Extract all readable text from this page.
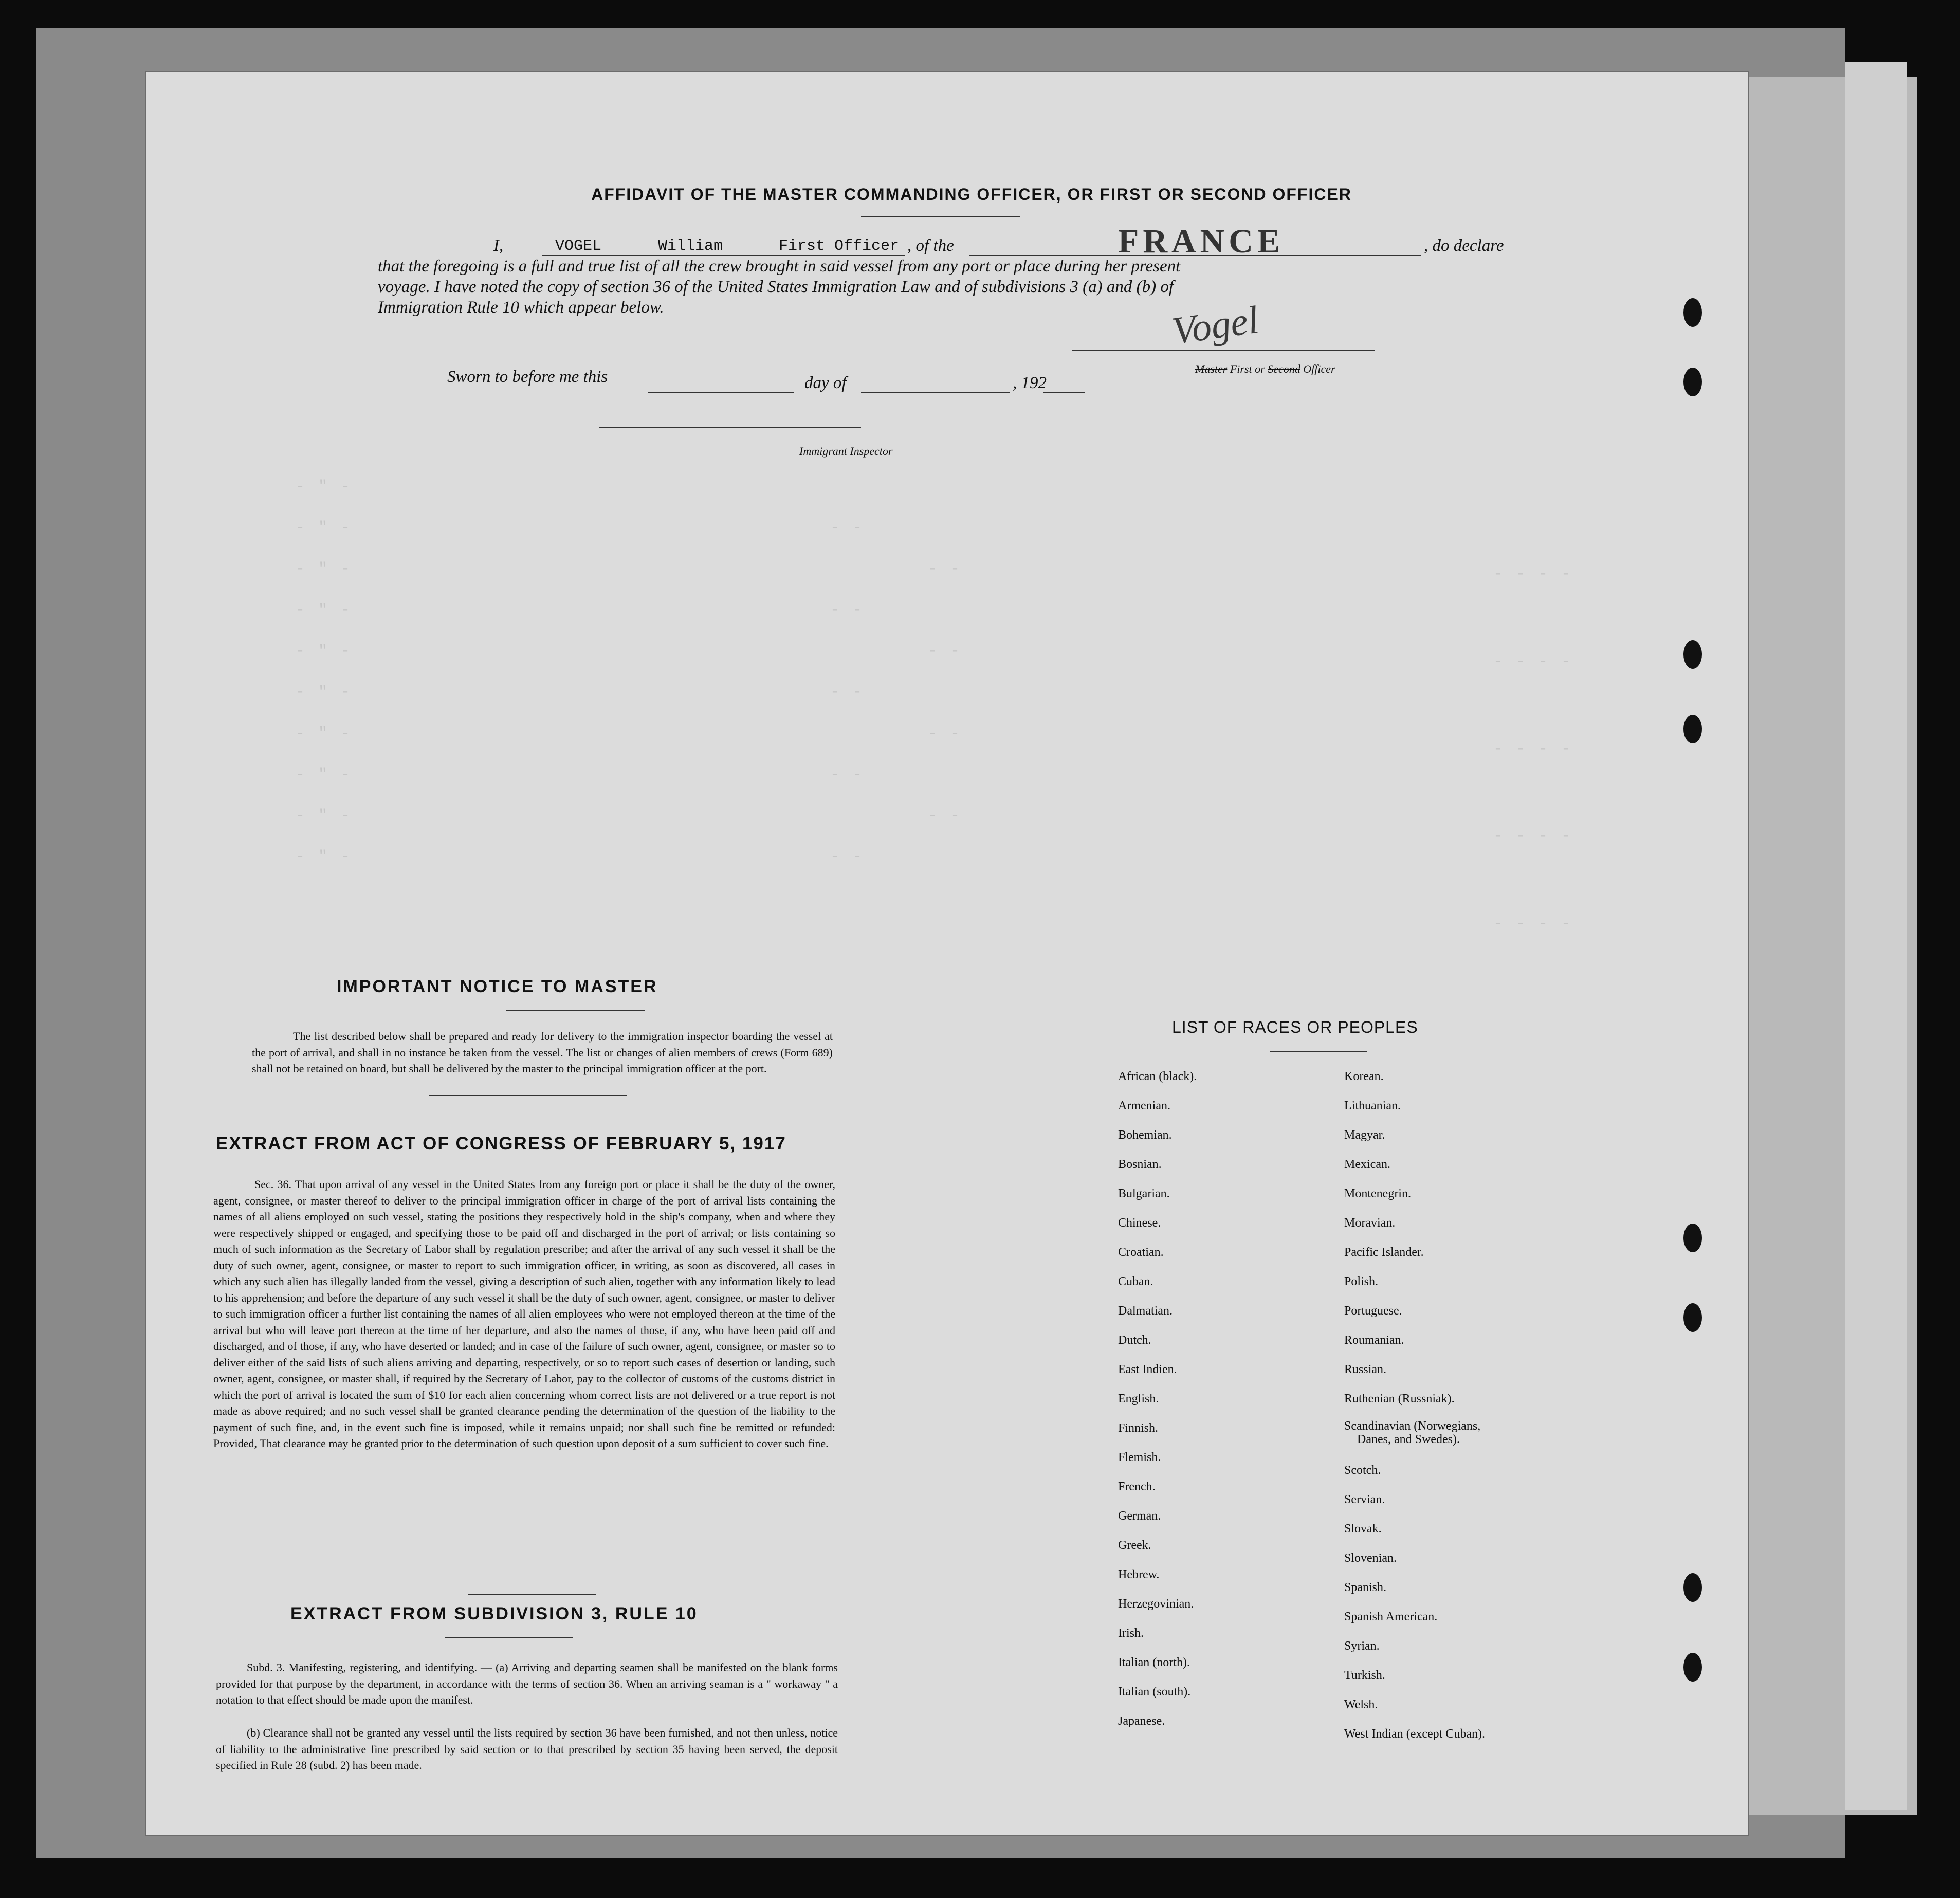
- " -
- " -
- " -
- " -
- " -
- " -
- " -
- " -
- " -
- " -
- -
- -
- -
- -
- -
- -
- -
- -
- -
- - - -
- - - -
- - - -
- - - -
- - - -
AFFIDAVIT OF THE MASTER COMMANDING OFFICER, OR FIRST OR SECOND OFFICER
I,	VOGEL	William	First Officer , of the	FRANCE	, do declare
that the foregoing is a full and true list of all the crew brought in said vessel from any port or place during her present
voyage. I have noted the copy of section 36 of the United States Immigration Law and of subdivisions 3 (a) and (b) of
Immigration Rule 10 which appear below.	Vogel
Master First or Second Officer
Sworn to before me this	day of	, 192
Immigrant Inspector
IMPORTANT NOTICE TO MASTER
The list described below shall be prepared and ready for delivery to the immigration inspector boarding the vessel at the port of arrival, and shall in no instance be taken from the vessel. The list or changes of alien members of crews (Form 689) shall not be retained on board, but shall be delivered by the master to the principal immigration officer at the port.
EXTRACT FROM ACT OF CONGRESS OF FEBRUARY 5, 1917
Sec. 36. That upon arrival of any vessel in the United States from any foreign port or place it shall be the duty of the owner, agent, consignee, or master thereof to deliver to the principal immigration officer in charge of the port of arrival lists containing the names of all aliens employed on such vessel, stating the positions they respectively hold in the ship's company, when and where they were respectively shipped or engaged, and specifying those to be paid off and discharged in the port of arrival; or lists containing so much of such information as the Secretary of Labor shall by regulation prescribe; and after the arrival of any such vessel it shall be the duty of such owner, agent, consignee, or master to report to such immigration officer, in writing, as soon as discovered, all cases in which any such alien has illegally landed from the vessel, giving a description of such alien, together with any information likely to lead to his apprehension; and before the departure of any such vessel it shall be the duty of such owner, agent, consignee, or master to deliver to such immigration officer a further list containing the names of all alien employees who were not employed thereon at the time of the arrival but who will leave port thereon at the time of her departure, and also the names of those, if any, who have been paid off and discharged, and of those, if any, who have deserted or landed; and in case of the failure of such owner, agent, consignee, or master so to deliver either of the said lists of such aliens arriving and departing, respectively, or so to report such cases of desertion or landing, such owner, agent, consignee, or master shall, if required by the Secretary of Labor, pay to the collector of customs of the customs district in which the port of arrival is located the sum of $10 for each alien concerning whom correct lists are not delivered or a true report is not made as above required; and no such vessel shall be granted clearance pending the determination of the question of the liability to the payment of such fine, and, in the event such fine is imposed, while it remains unpaid; nor shall such fine be remitted or refunded: Provided, That clearance may be granted prior to the determination of such question upon deposit of a sum sufficient to cover such fine.
EXTRACT FROM SUBDIVISION 3, RULE 10
Subd. 3. Manifesting, registering, and identifying. — (a) Arriving and departing seamen shall be manifested on the blank forms provided for that purpose by the department, in accordance with the terms of section 36. When an arriving seaman is a " workaway " a notation to that effect should be made upon the manifest.
(b) Clearance shall not be granted any vessel until the lists required by section 36 have been furnished, and not then unless, notice of liability to the administrative fine prescribed by said section or to that prescribed by section 35 having been served, the deposit specified in Rule 28 (subd. 2) has been made.
LIST OF RACES OR PEOPLES
African (black).
Armenian.
Bohemian.
Bosnian.
Bulgarian.
Chinese.
Croatian.
Cuban.
Dalmatian.
Dutch.
East Indien.
English.
Finnish.
Flemish.
French.
German.
Greek.
Hebrew.
Herzegovinian.
Irish.
Italian (north).
Italian (south).
Japanese.
Korean.
Lithuanian.
Magyar.
Mexican.
Montenegrin.
Moravian.
Pacific Islander.
Polish.
Portuguese.
Roumanian.
Russian.
Ruthenian (Russniak).
Scandinavian (Norwegians,
Danes, and Swedes).
Scotch.
Servian.
Slovak.
Slovenian.
Spanish.
Spanish American.
Syrian.
Turkish.
Welsh.
West Indian (except Cuban).
